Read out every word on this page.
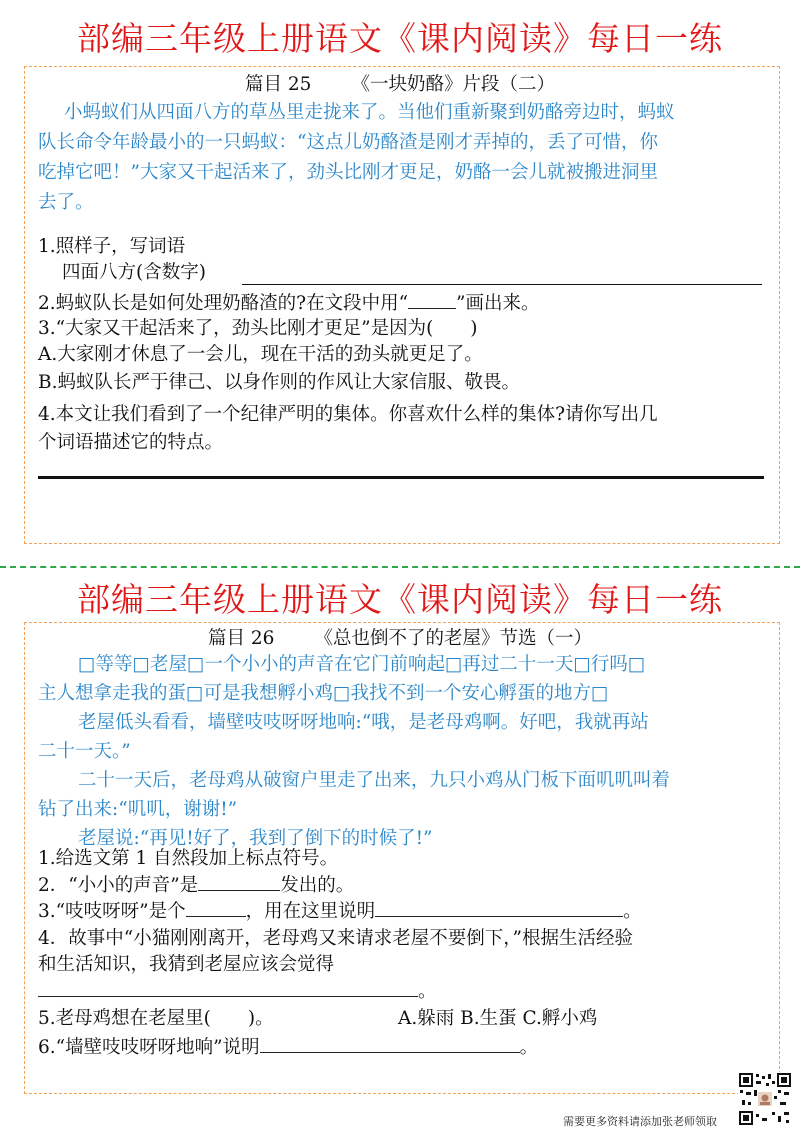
部编三年级上册语文《课内阅读》每日一练
篇目 25 《一块奶酪》片段（二）
小蚂蚁们从四面八方的草丛里走拢来了。当他们重新聚到奶酪旁边时，蚂蚁
队长命令年龄最小的一只蚂蚁：“这点儿奶酪渣是刚才弄掉的，丢了可惜，你
吃掉它吧！”大家又干起活来了，劲头比刚才更足，奶酪一会儿就被搬进洞里
去了。
1.照样子，写词语
四面八方(含数字)
2.蚂蚁队长是如何处理奶酪渣的?在文段中用“	”画出来。
3.“大家又干起活来了，劲头比刚才更足”是因为(　　)
A.大家刚才休息了一会儿，现在干活的劲头就更足了。
B.蚂蚁队长严于律己、以身作则的作风让大家信服、敬畏。
4.本文让我们看到了一个纪律严明的集体。你喜欢什么样的集体?请你写出几
个词语描述它的特点。
部编三年级上册语文《课内阅读》每日一练
篇目 26 《总也倒不了的老屋》节选（一）
□等等□老屋□一个小小的声音在它门前响起□再过二十一天□行吗□
主人想拿走我的蛋□可是我想孵小鸡□我找不到一个安心孵蛋的地方□
老屋低头看看，墙壁吱吱呀呀地响:“哦，是老母鸡啊。好吧，我就再站
二十一天。”
二十一天后，老母鸡从破窗户里走了出来，九只小鸡从门板下面叽叽叫着
钻了出来:“叽叽，谢谢!”
老屋说:“再见!好了，我到了倒下的时候了!”
1.给选文第 1 自然段加上标点符号。
2．“小小的声音”是	发出的。
3.“吱吱呀呀”是个	，用在这里说明	。
4．故事中“小猫刚刚离开，老母鸡又来请求老屋不要倒下，”根据生活经验
和生活知识，我猜到老屋应该会觉得
。
5.老母鸡想在老屋里(　　)。	A.躲雨 B.生蛋 C.孵小鸡
6.“墙壁吱吱呀呀地响”说明	。
需要更多资料请添加张老师领取
